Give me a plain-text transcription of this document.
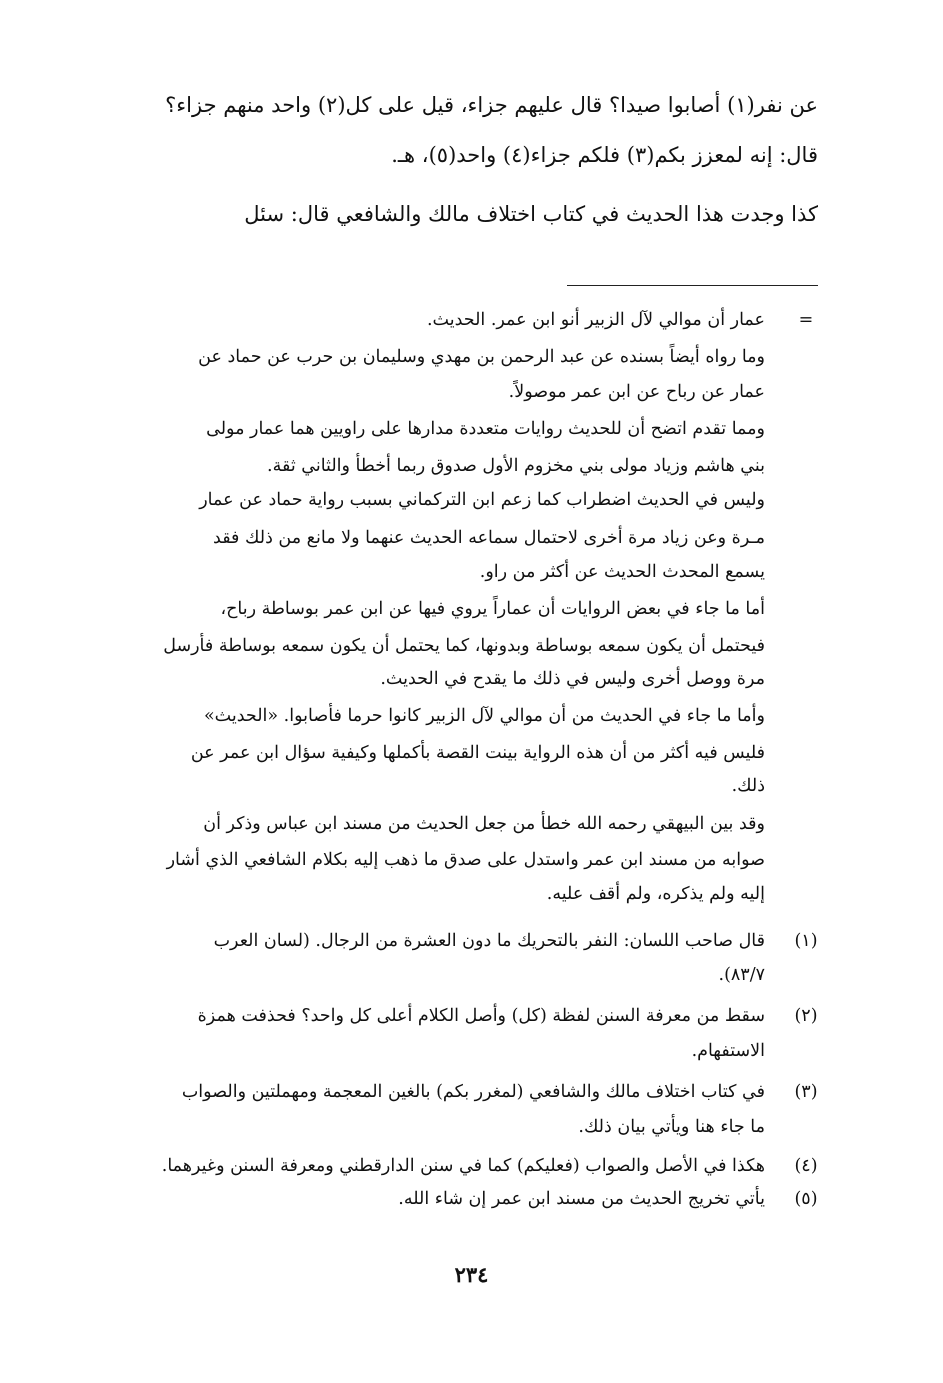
عن نفر(١) أصابوا صيدا؟ قال عليهم جزاء، قيل على كل(٢) واحد منهم جزاء؟
قال: إنه لمعزز بكم(٣) فلكم جزاء(٤) واحد(٥)، هـ.
كذا وجدت هذا الحديث في كتاب اختلاف مالك والشافعي قال: سئل
=
عمار أن موالي لآل الزبير أنو ابن عمر. الحديث.
وما رواه أيضاً بسنده عن عبد الرحمن بن مهدي وسليمان بن حرب عن حماد عن
عمار عن رباح عن ابن عمر موصولاً.
ومما تقدم اتضح أن للحديث روايات متعددة مدارها على راويين هما عمار مولى
بني هاشم وزياد مولى بني مخزوم الأول صدوق ربما أخطأ والثاني ثقة.
وليس في الحديث اضطراب كما زعم ابن التركماني بسبب رواية حماد عن عمار
مـرة وعن زياد مرة أخرى لاحتمال سماعه الحديث عنهما ولا مانع من ذلك فقد
يسمع المحدث الحديث عن أكثر من راو.
أما ما جاء في بعض الروايات أن عماراً يروي فيها عن ابن عمر بوساطة رباح،
فيحتمل أن يكون سمعه بوساطة وبدونها، كما يحتمل أن يكون سمعه بوساطة فأرسل
مرة ووصل أخرى وليس في ذلك ما يقدح في الحديث.
وأما ما جاء في الحديث من أن موالي لآل الزبير كانوا حرما فأصابوا. «الحديث»
فليس فيه أكثر من أن هذه الرواية بينت القصة بأكملها وكيفية سؤال ابن عمر عن
ذلك.
وقد بين البيهقي رحمه الله خطأ من جعل الحديث من مسند ابن عباس وذكر أن
صوابه من مسند ابن عمر واستدل على صدق ما ذهب إليه بكلام الشافعي الذي أشار
إليه ولم يذكره، ولم أقف عليه.
(١)
قال صاحب اللسان: النفر بالتحريك ما دون العشرة من الرجال. (لسان العرب
٨٣/٧).
(٢)
سقط من معرفة السنن لفظة (كل) وأصل الكلام أعلى كل واحد؟ فحذفت همزة
الاستفهام.
(٣)
في كتاب اختلاف مالك والشافعي (لمغرر بكم) بالغين المعجمة ومهملتين والصواب
ما جاء هنا ويأتي بيان ذلك.
(٤)
هكذا في الأصل والصواب (فعليكم) كما في سنن الدارقطني ومعرفة السنن وغيرهما.
(٥)
يأتي تخريج الحديث من مسند ابن عمر إن شاء الله.
٢٣٤
